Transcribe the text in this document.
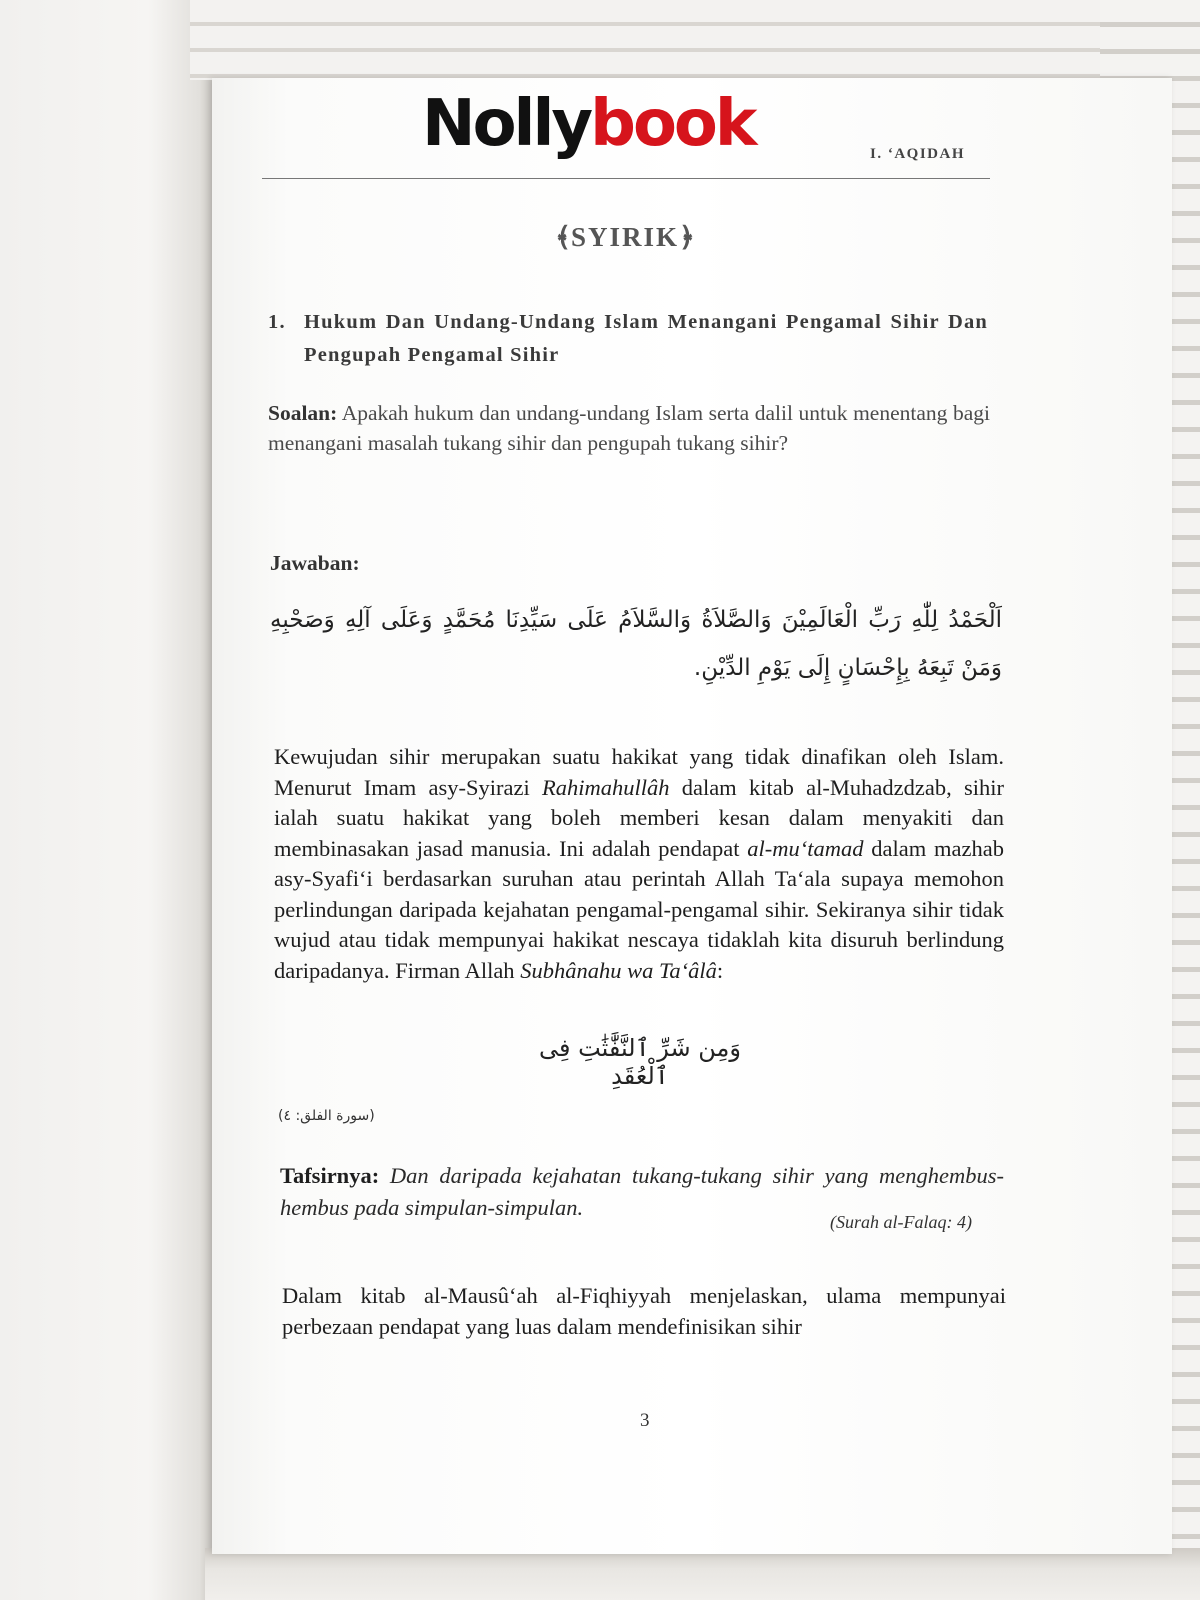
Nollybook	I. ‘AQIDAH
﴾SYIRIK﴿
1. Hukum Dan Undang-Undang Islam Menangani Pengamal Sihir Dan Pengupah Pengamal Sihir
Soalan: Apakah hukum dan undang-undang Islam serta dalil untuk menentang bagi menangani masalah tukang sihir dan pengupah tukang sihir?
Jawaban:
اَلْحَمْدُ لِلّٰهِ رَبِّ الْعَالَمِيْنَ وَالصَّلاَةُ وَالسَّلاَمُ عَلَى سَيِّدِنَا مُحَمَّدٍ وَعَلَى آلِهِ وَصَحْبِهِ وَمَنْ تَبِعَهُ بِإِحْسَانٍ إِلَى يَوْمِ الدِّيْنِ.
Kewujudan sihir merupakan suatu hakikat yang tidak dinafikan oleh Islam. Menurut Imam asy-Syirazi Rahimahullâh dalam kitab al-Muhadzdzab, sihir ialah suatu hakikat yang boleh memberi kesan dalam menyakiti dan membinasakan jasad manusia. Ini adalah pendapat al-mu‘tamad dalam mazhab asy-Syafi‘i berdasarkan suruhan atau perintah Allah Ta‘ala supaya memohon perlindungan daripada kejahatan pengamal-pengamal sihir. Sekiranya sihir tidak wujud atau tidak mempunyai hakikat nescaya tidaklah kita disuruh berlindung daripadanya. Firman Allah Subhânahu wa Ta‘âlâ:
وَمِن شَرِّ ٱلنَّفَّٰثَٰتِ فِى ٱلْعُقَدِ
(سورة الفلق: ٤)
Tafsirnya: Dan daripada kejahatan tukang-tukang sihir yang menghembus-hembus pada simpulan-simpulan.
(Surah al-Falaq: 4)
Dalam kitab al-Mausû‘ah al-Fiqhiyyah menjelaskan, ulama mempunyai perbezaan pendapat yang luas dalam mendefinisikan sihir
3
